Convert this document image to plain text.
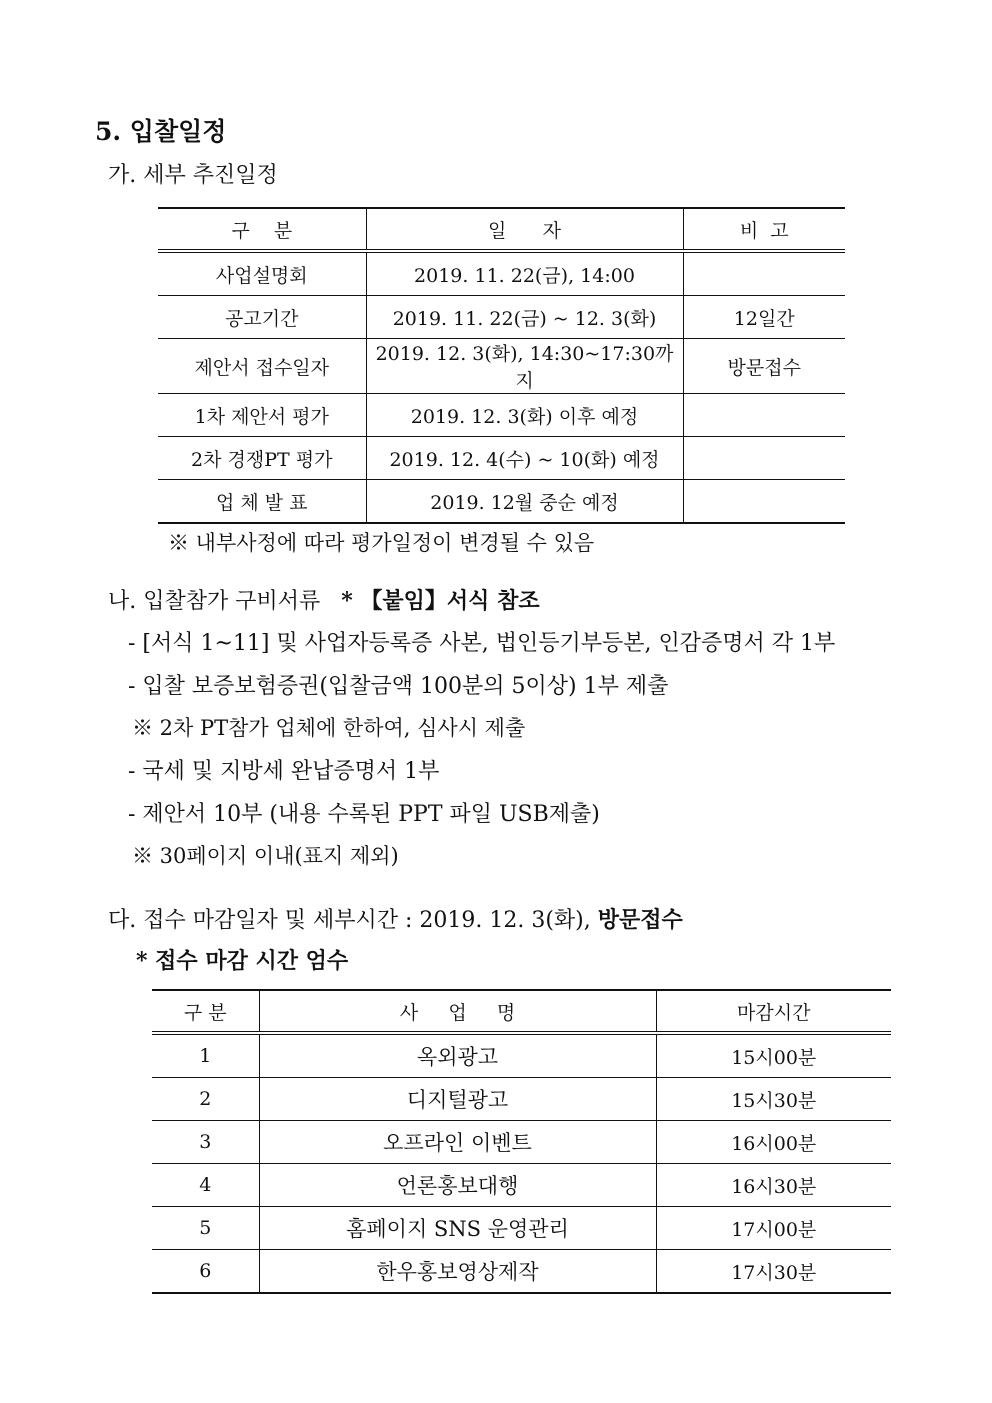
5. 입찰일정
가. 세부 추진일정
구    분	일      자	비  고
사업설명회	2019. 11. 22(금), 14:00	
공고기간	2019. 11. 22(금) ~ 12. 3(화)	12일간
제안서 접수일자	2019. 12. 3(화), 14:30~17:30까지	방문접수
1차 제안서 평가	2019. 12. 3(화) 이후 예정	
2차 경쟁PT 평가	2019. 12. 4(수) ~ 10(화) 예정	
업 체 발 표	2019. 12월 중순 예정	
※ 내부사정에 따라 평가일정이 변경될 수 있음
나. 입찰참가 구비서류 * 【붙임】서식 참조
- [서식 1~11] 및 사업자등록증 사본, 법인등기부등본, 인감증명서 각 1부
- 입찰 보증보험증권(입찰금액 100분의 5이상) 1부 제출
※ 2차 PT참가 업체에 한하여, 심사시 제출
- 국세 및 지방세 완납증명서 1부
- 제안서 10부 (내용 수록된 PPT 파일 USB제출)
※ 30페이지 이내(표지 제외)
다. 접수 마감일자 및 세부시간 : 2019. 12. 3(화), 방문접수
* 접수 마감 시간 엄수
구 분	사     업     명	마감시간
1	옥외광고	15시00분
2	디지털광고	15시30분
3	오프라인 이벤트	16시00분
4	언론홍보대행	16시30분
5	홈페이지 SNS 운영관리	17시00분
6	한우홍보영상제작	17시30분
